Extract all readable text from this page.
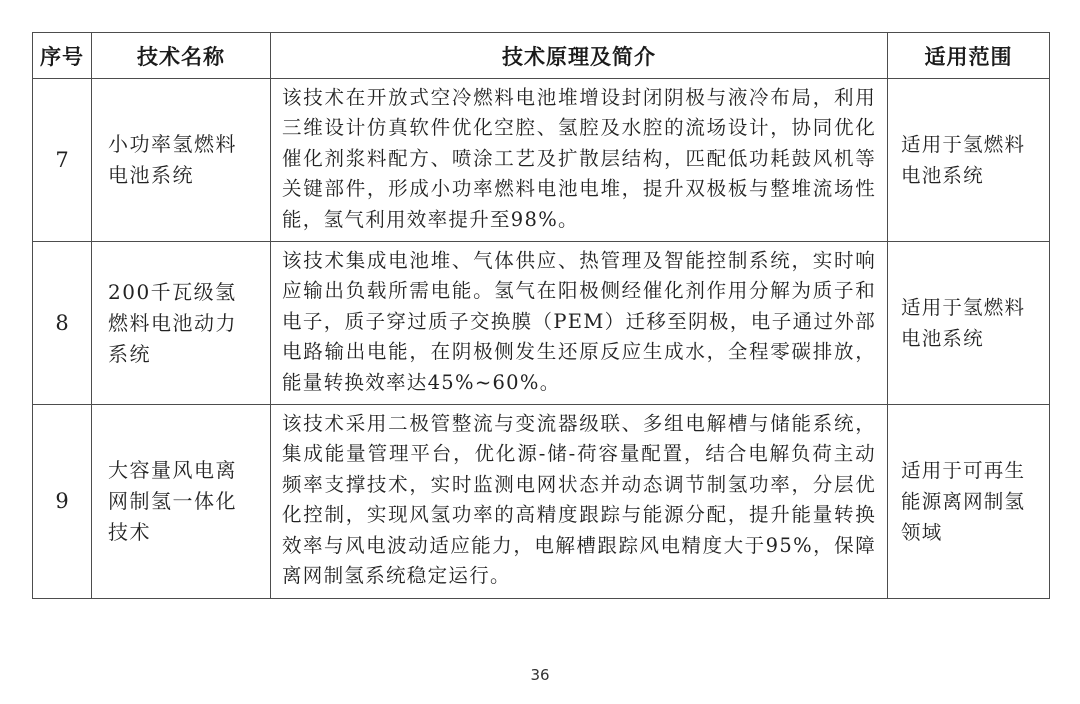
序号	技术名称	技术原理及简介	适用范围
7	小功率氢燃料电池系统	该技术在开放式空冷燃料电池堆增设封闭阴极与液冷布局，利用三维设计仿真软件优化空腔、氢腔及水腔的流场设计，协同优化催化剂浆料配方、喷涂工艺及扩散层结构，匹配低功耗鼓风机等关键部件，形成小功率燃料电池电堆，提升双极板与整堆流场性能，氢气利用效率提升至98%。	适用于氢燃料电池系统
8	200千瓦级氢燃料电池动力系统	该技术集成电池堆、气体供应、热管理及智能控制系统，实时响应输出负载所需电能。氢气在阳极侧经催化剂作用分解为质子和电子，质子穿过质子交换膜（PEM）迁移至阴极，电子通过外部电路输出电能，在阴极侧发生还原反应生成水，全程零碳排放，能量转换效率达45%~60%。	适用于氢燃料电池系统
9	大容量风电离网制氢一体化技术	该技术采用二极管整流与变流器级联、多组电解槽与储能系统，集成能量管理平台，优化源-储-荷容量配置，结合电解负荷主动频率支撑技术，实时监测电网状态并动态调节制氢功率，分层优化控制，实现风氢功率的高精度跟踪与能源分配，提升能量转换效率与风电波动适应能力，电解槽跟踪风电精度大于95%，保障离网制氢系统稳定运行。	适用于可再生能源离网制氢领域
36
